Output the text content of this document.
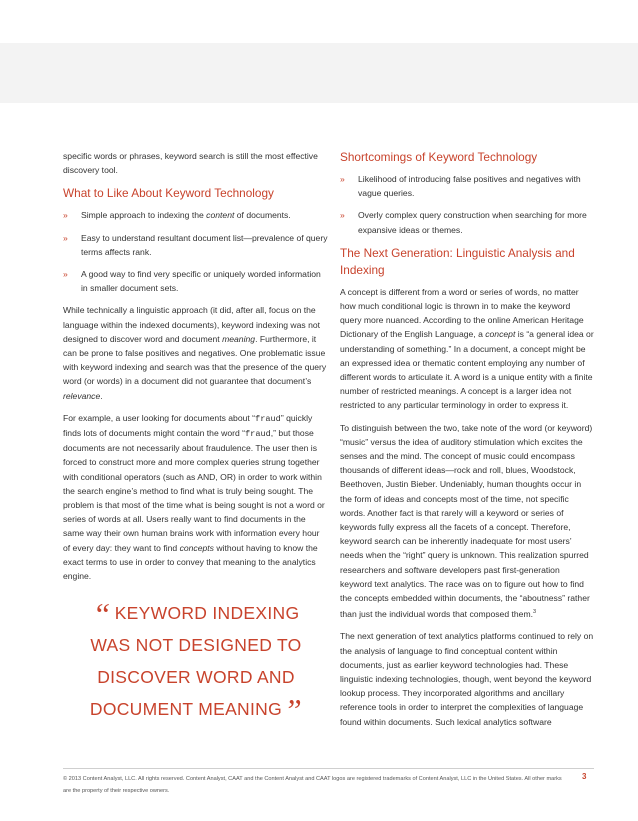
specific words or phrases, keyword search is still the most effective discovery tool.

What to Like About Keyword Technology
» Simple approach to indexing the content of documents.
» Easy to understand resultant document list—prevalence of query terms affects rank.
» A good way to find very specific or uniquely worded information in smaller document sets.

While technically a linguistic approach (it did, after all, focus on the language within the indexed documents), keyword indexing was not designed to discover word and document meaning. Furthermore, it can be prone to false positives and negatives. One problematic issue with keyword indexing and search was that the presence of the query word (or words) in a document did not guarantee that document’s relevance.

For example, a user looking for documents about “fraud” quickly finds lots of documents might contain the word “fraud,” but those documents are not necessarily about fraudulence. The user then is forced to construct more and more complex queries strung together with conditional operators (such as AND, OR) in order to work within the search engine’s method to find what is truly being sought. The problem is that most of the time what is being sought is not a word or series of words at all. Users really want to find documents in the same way their own human brains work with information every hour of every day: they want to find concepts without having to know the exact terms to use in order to convey that meaning to the analytics engine.

“ KEYWORD INDEXING
WAS NOT DESIGNED TO
DISCOVER WORD AND
DOCUMENT MEANING”
Shortcomings of Keyword Technology
» Likelihood of introducing false positives and negatives with vague queries.
» Overly complex query construction when searching for more expansive ideas or themes.
The Next Generation: Linguistic Analysis and Indexing

A concept is different from a word or series of words, no matter how much conditional logic is thrown in to make the keyword query more nuanced. According to the online American Heritage Dictionary of the English Language, a concept is “a general idea or understanding of something.” In a document, a concept might be an expressed idea or thematic content employing any number of different words to articulate it. A word is a unique entity with a finite number of restricted meanings. A concept is a larger idea not restricted to any particular terminology in order to express it.

To distinguish between the two, take note of the word (or keyword) “music” versus the idea of auditory stimulation which excites the senses and the mind. The concept of music could encompass thousands of different ideas—rock and roll, blues, Woodstock, Beethoven, Justin Bieber. Undeniably, human thoughts occur in the form of ideas and concepts most of the time, not specific words. Another fact is that rarely will a keyword or series of keywords fully express all the facets of a concept. Therefore, keyword search can be inherently inadequate for most users’ needs when the “right” query is unknown. This realization spurred researchers and software developers past first-generation keyword text analytics. The race was on to figure out how to find the concepts embedded within documents, the “aboutness” rather than just the individual words that composed them.$^3$

The next generation of text analytics platforms continued to rely on the analysis of language to find conceptual content within documents, just as earlier keyword technologies had. These linguistic indexing technologies, though, went beyond the keyword lookup process. They incorporated algorithms and ancillary reference tools in order to interpret the complexities of language found within documents. Such lexical analytics software

© 2013 Content Analyst, LLC. All rights reserved. Content Analyst, CAAT and the Content Analyst and CAAT logos are registered trademarks of Content Analyst, LLC in the United States. All other marks are the property of their respective owners.
3
